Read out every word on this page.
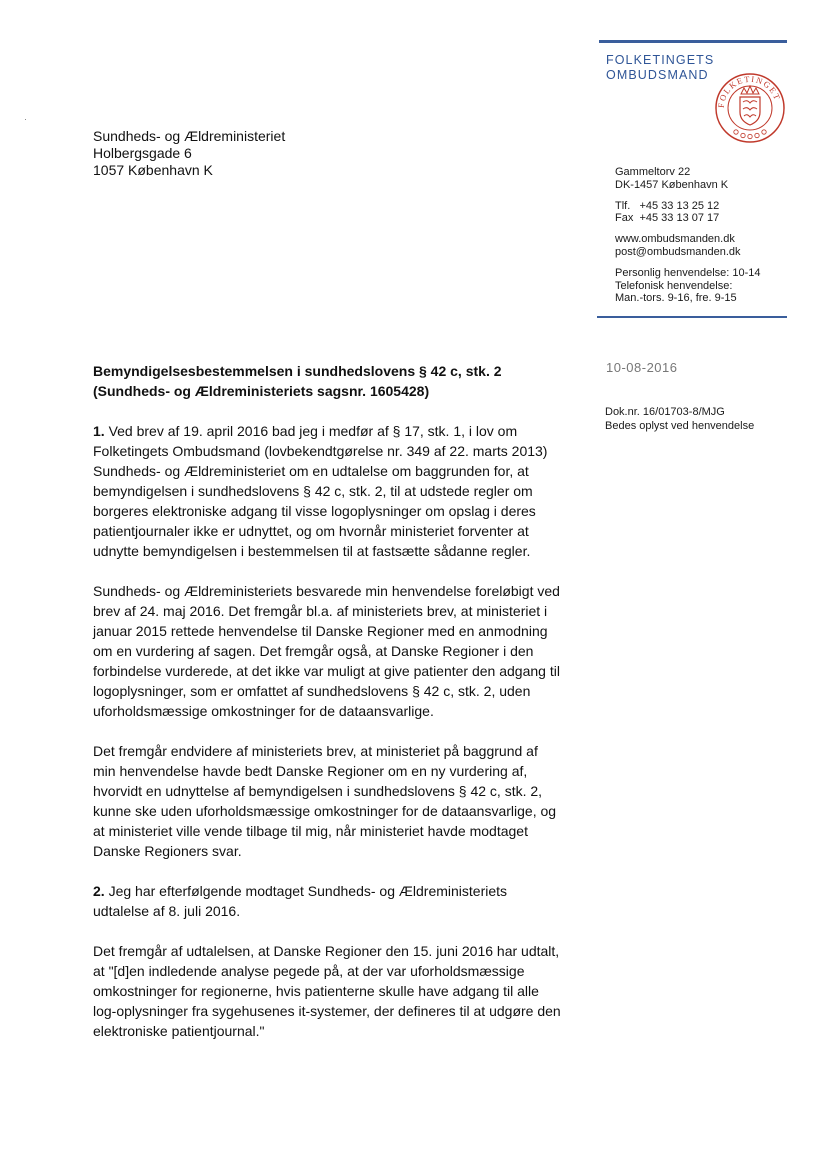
FOLKETINGETS
OMBUDSMAND
FOLKETINGET
·
Sundheds- og Ældreministeriet
Holbergsgade 6
1057 København K	Gammeltorv 22
DK-1457 København K
Tlf.   +45 33 13 25 12
Fax  +45 33 13 07 17
www.ombudsmanden.dk
post@ombudsmanden.dk
Personlig henvendelse: 10-14
Telefonisk henvendelse:
Man.-tors. 9-16, fre. 9-15
10-08-2016
Dok.nr. 16/01703-8/MJG
Bedes oplyst ved henvendelse

Bemyndigelsesbestemmelsen i sundhedslovens § 42 c, stk. 2 (Sundheds- og Ældreministeriets sagsnr. 1605428)

1. Ved brev af 19. april 2016 bad jeg i medfør af § 17, stk. 1, i lov om Folketingets Ombudsmand (lovbekendtgørelse nr. 349 af 22. marts 2013) Sundheds- og Ældreministeriet om en udtalelse om baggrunden for, at bemyndigelsen i sundhedslovens § 42 c, stk. 2, til at udstede regler om borgeres elektroniske adgang til visse logoplysninger om opslag i deres patientjournaler ikke er udnyttet, og om hvornår ministeriet forventer at udnytte bemyndigelsen i bestemmelsen til at fastsætte sådanne regler.

Sundheds- og Ældreministeriets besvarede min henvendelse foreløbigt ved brev af 24. maj 2016. Det fremgår bl.a. af ministeriets brev, at ministeriet i januar 2015 rettede henvendelse til Danske Regioner med en anmodning om en vurdering af sagen. Det fremgår også, at Danske Regioner i den forbindelse vurderede, at det ikke var muligt at give patienter den adgang til logoplysninger, som er omfattet af sundhedslovens § 42 c, stk. 2, uden uforholdsmæssige omkostninger for de dataansvarlige.

Det fremgår endvidere af ministeriets brev, at ministeriet på baggrund af min henvendelse havde bedt Danske Regioner om en ny vurdering af, hvorvidt en udnyttelse af bemyndigelsen i sundhedslovens § 42 c, stk. 2, kunne ske uden uforholdsmæssige omkostninger for de dataansvarlige, og at ministeriet ville vende tilbage til mig, når ministeriet havde modtaget Danske Regioners svar.

2. Jeg har efterfølgende modtaget Sundheds- og Ældreministeriets udtalelse af 8. juli 2016.

Det fremgår af udtalelsen, at Danske Regioner den 15. juni 2016 har udtalt, at "[d]en indledende analyse pegede på, at der var uforholdsmæssige omkostninger for regionerne, hvis patienterne skulle have adgang til alle log-oplysninger fra sygehusenes it-systemer, der defineres til at udgøre den elektroniske patientjournal."
